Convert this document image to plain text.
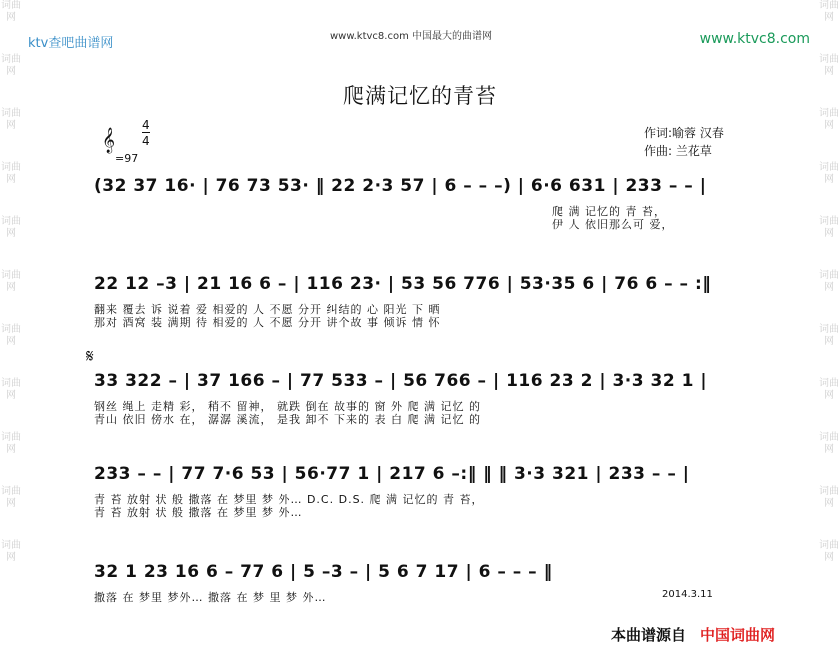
词曲网
词曲网
词曲网
词曲网
词曲网
词曲网
词曲网
词曲网
词曲网
词曲网
词曲网
词曲网
词曲网
词曲网
词曲网
词曲网
词曲网
词曲网
词曲网
词曲网
词曲网
词曲网
ktv查吧曲谱网	www.ktvc8.com 中国最大的曲谱网	www.ktvc8.com
爬满记忆的青苔
𝄞
4
4
=97
作词:喻蓉 汉春
作曲: 兰花草
(32 37 16· | 76 73 53· ‖ 22 2·3 57 | 6 – – –) | 6·6 631 | 233 – – |
爬 满 记忆的 青 苔，
伊 人 依旧那么可 爱，
22 12 –3 | 21 16 6 – | 116 23· | 53 56 776 | 53·35 6 | 76 6 – – :‖
翻来 覆去 诉 说着 爱 相爱的 人 不愿 分开 纠结的 心 阳光 下 晒
那对 酒窝 装 满期 待 相爱的 人 不愿 分开 讲个故 事 倾诉 情 怀
𝄋
33 322 – | 37 166 – | 77 533 – | 56 766 – | 116 23 2 | 3·3 32 1 |
钢丝 绳上 走精 彩， 稍不 留神， 就跌 倒在 故事的 窗 外 爬 满 记忆 的
青山 依旧 傍水 在， 潺潺 溪流， 是我 卸不 下来的 表 白 爬 满 记忆 的
233 – – | 77 7·6 53 | 56·77 1 | 217 6 –:‖ ‖ ‖ 3·3 321 | 233 – – |
青 苔 放射 状 般 撒落 在 梦里 梦 外… D.C. D.S. 爬 满 记忆的 青 苔，
青 苔 放射 状 般 撒落 在 梦里 梦 外…
32 1 23 16 6 – 77 6 | 5 –3 – | 5 6 7 17 | 6 – – – ‖
撒落 在 梦里 梦外… 撒落 在 梦 里 梦 外…	2014.3.11
本曲谱源自 中国词曲网
